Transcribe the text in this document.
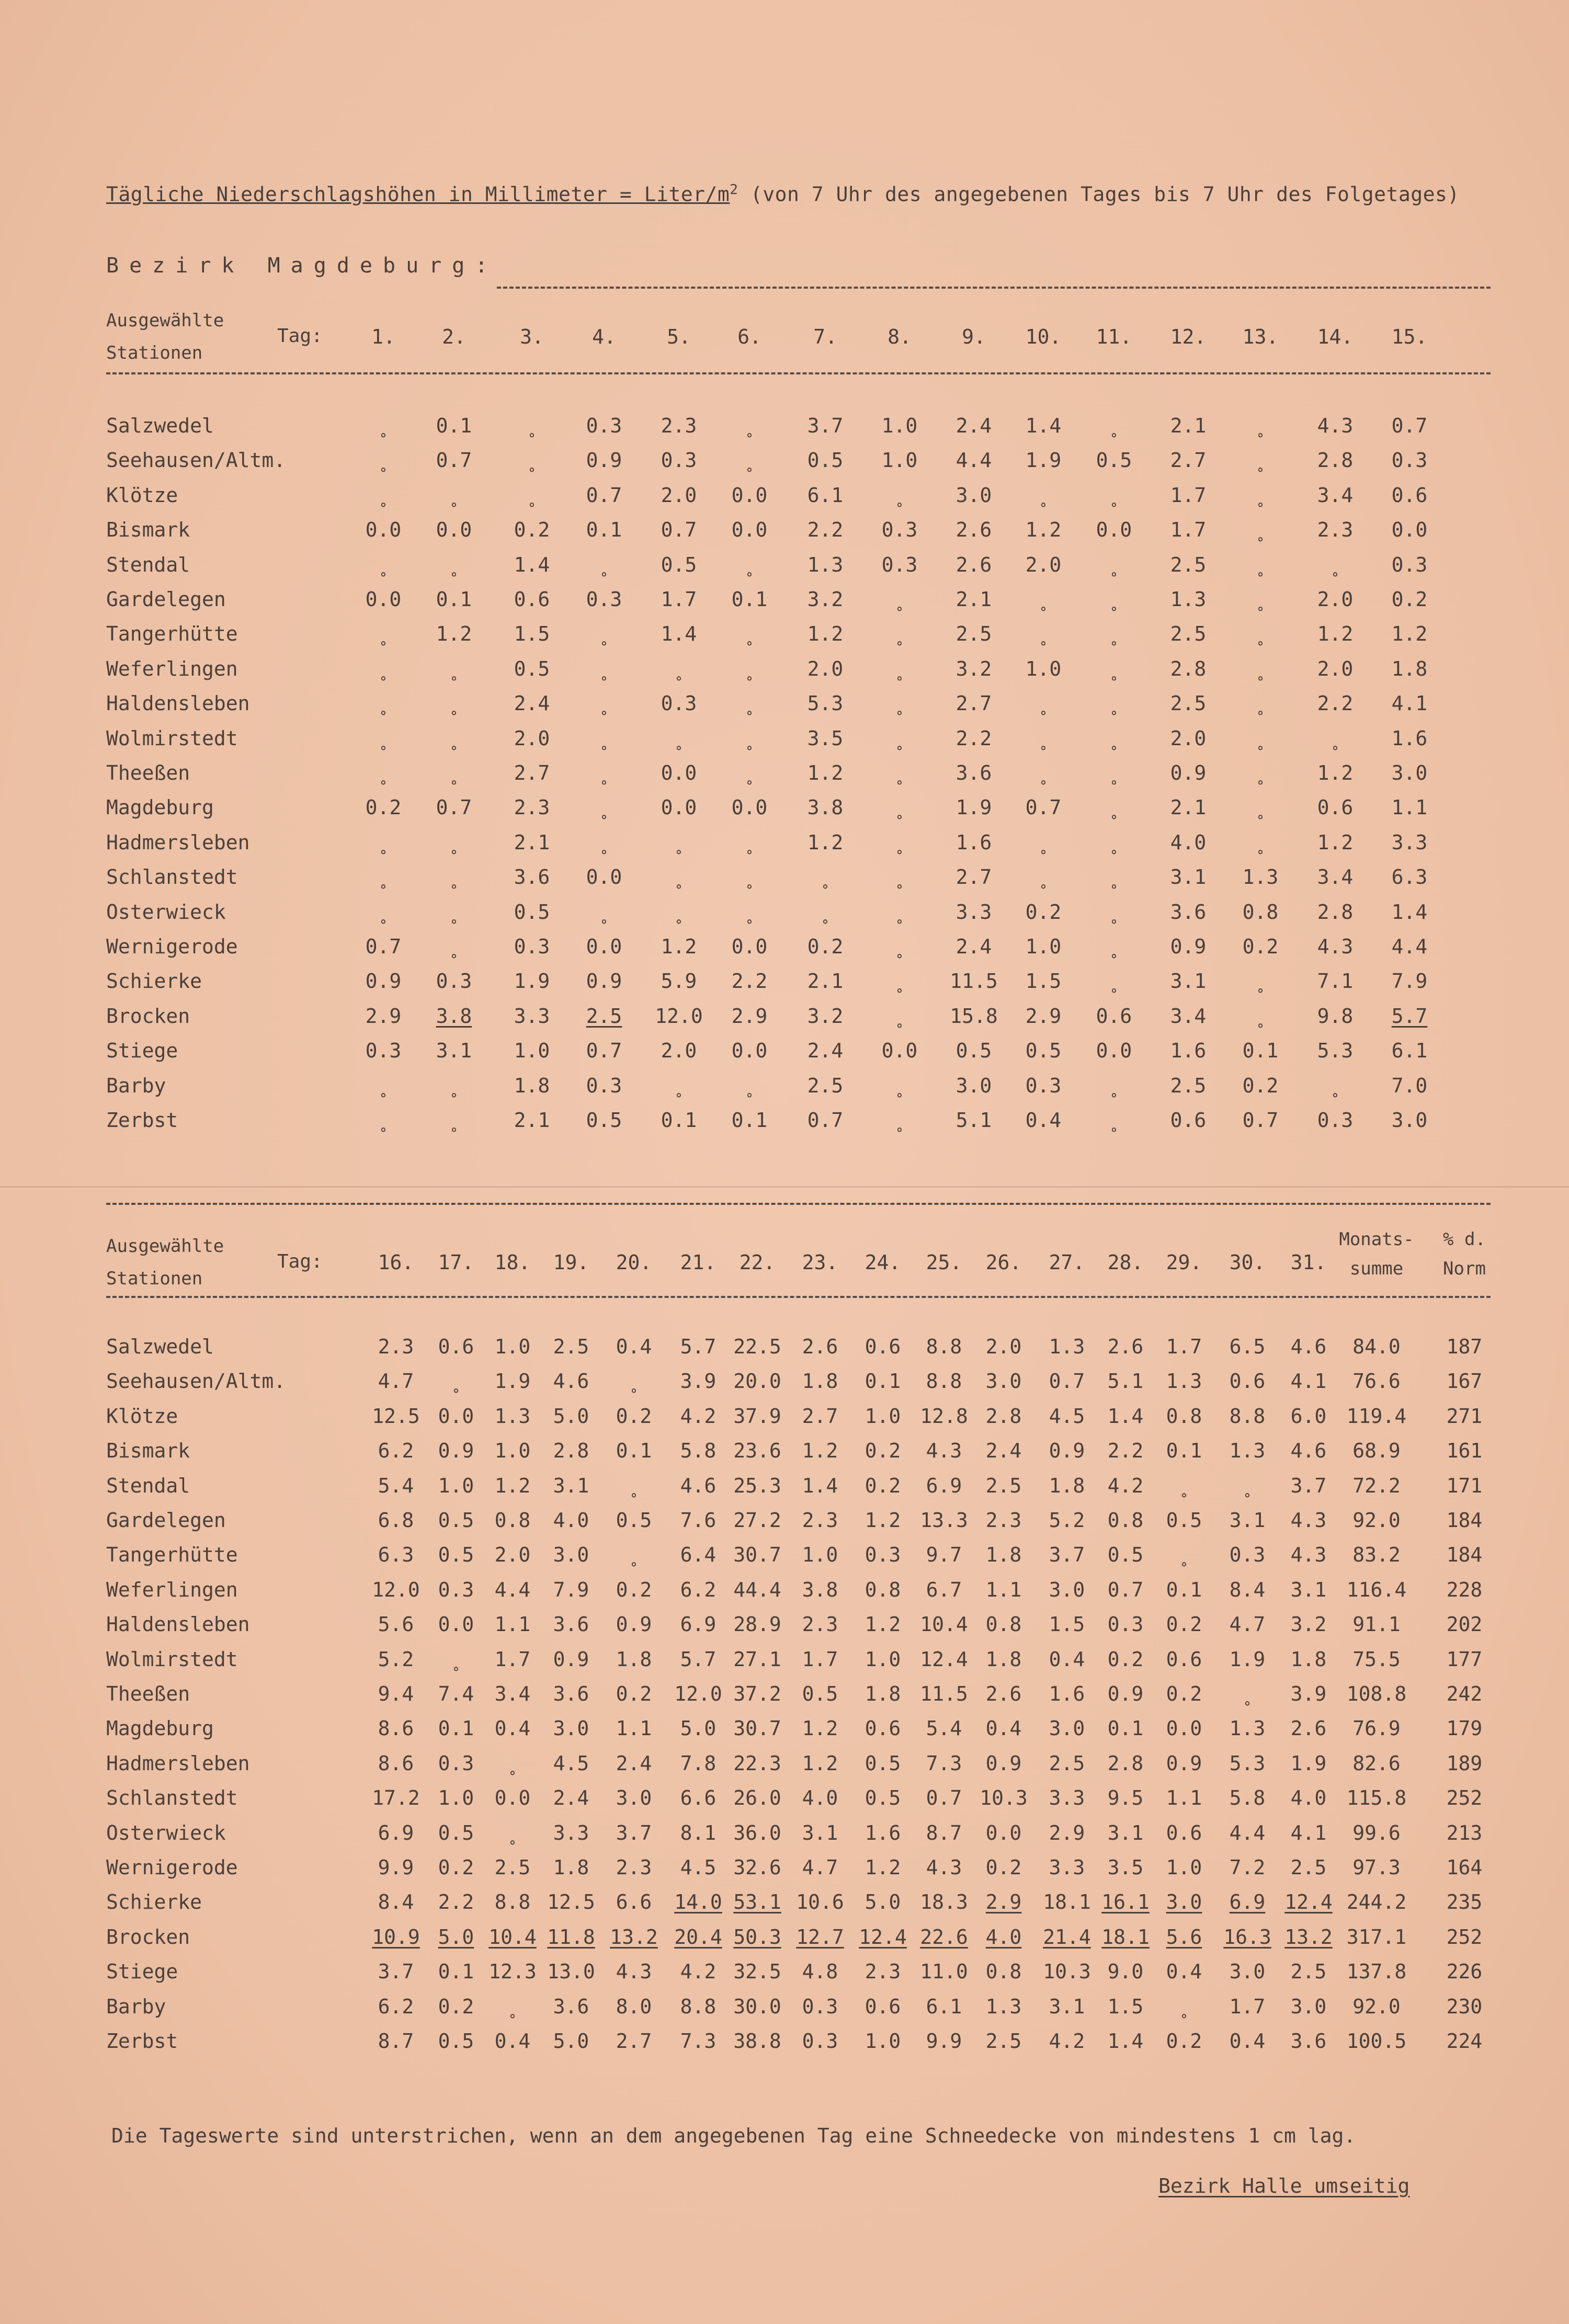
Tägliche Niederschlagshöhen in Millimeter = Liter/$m^2$ (von 7 Uhr des angegebenen Tages bis 7 Uhr des Folgetages)
Bezirk Magdeburg:
Ausgewählte
Stationen
Tag: 1. 2.	3. 4.	5. 6.	7.	8.	9. 10. 11. 12. 13. 14. 15.
Salzwedel	˳ 0.1	˳ 0.3 2.3 ˳	3.7 1.0 2.4 1.4 ˳	2.1 ˳	4.3 0.7
Seehausen/Altm.	˳ 0.7	˳ 0.9 0.3 ˳	0.5 1.0 4.4 1.9 0.5 2.7 ˳	2.8 0.3
Klötze	˳	˳	˳ 0.7 2.0 0.0 6.1	˳	3.0 ˳	˳	1.7 ˳	3.4 0.6
Bismark	0.0 0.0 0.2 0.1 0.7 0.0 2.2 0.3 2.6 1.2 0.0 1.7 ˳	2.3 0.0
Stendal	˳	˳	1.4 ˳	0.5 ˳	1.3 0.3 2.6 2.0 ˳	2.5 ˳	˳	0.3
Gardelegen	0.0 0.1 0.6 0.3 1.7 0.1 3.2	˳	2.1 ˳	˳	1.3 ˳	2.0 0.2
Tangerhütte	˳ 1.2 1.5 ˳	1.4 ˳	1.2	˳	2.5 ˳	˳	2.5 ˳	1.2 1.2
Weferlingen	˳	˳	0.5 ˳	˳	˳	2.0	˳	3.2 1.0 ˳	2.8 ˳	2.0 1.8
Haldensleben	˳	˳	2.4 ˳	0.3 ˳	5.3	˳	2.7 ˳	˳	2.5 ˳	2.2 4.1
Wolmirstedt	˳	˳	2.0 ˳	˳	˳	3.5	˳	2.2 ˳	˳	2.0 ˳	˳	1.6
Theeßen	˳	˳	2.7 ˳	0.0 ˳	1.2	˳	3.6 ˳	˳	0.9 ˳	1.2 3.0
Magdeburg	0.2 0.7 2.3 ˳	0.0 0.0 3.8	˳	1.9 0.7 ˳	2.1 ˳	0.6 1.1
Hadmersleben	˳	˳	2.1 ˳	˳	˳	1.2	˳	1.6 ˳	˳	4.0 ˳	1.2 3.3
Schlanstedt	˳	˳	3.6 0.0	˳	˳	˳	˳	2.7 ˳	˳	3.1 1.3 3.4 6.3
Osterwieck	˳	˳	0.5 ˳	˳	˳	˳	˳	3.3 0.2 ˳	3.6 0.8 2.8 1.4
Wernigerode	0.7 ˳	0.3 0.0 1.2 0.0 0.2	˳	2.4 1.0 ˳	0.9 0.2 4.3 4.4
Schierke	0.9 0.3 1.9 0.9 5.9 2.2 2.1	˳ 11.5 1.5 ˳	3.1 ˳	7.1 7.9
Brocken	2.9 3.8 3.3 2.5 12.0 2.9 3.2	˳ 15.8 2.9 0.6 3.4 ˳	9.8 5.7
Stiege	0.3 3.1 1.0 0.7 2.0 0.0 2.4 0.0 0.5 0.5 0.0 1.6 0.1 5.3 6.1
Barby	˳	˳	1.8 0.3	˳	˳	2.5	˳	3.0 0.3 ˳	2.5 0.2	˳	7.0
Zerbst	˳	˳	2.1 0.5 0.1 0.1 0.7	˳	5.1 0.4 ˳	0.6 0.7 0.3 3.0
Ausgewählte
Stationen
Tag:	16. 17. 18. 19. 20. 21. 22. 23. 24. 25. 26. 27. 28. 29. 30. 31.
Monats-
summe
% d.
Norm
Salzwedel	2.3 0.6 1.0 2.5 0.4 5.7 22.5 2.6 0.6 8.8 2.0 1.3 2.6 1.7 6.5 4.6 84.0 187
Seehausen/Altm.	4.7 ˳ 1.9 4.6 ˳ 3.9 20.0 1.8 0.1 8.8 3.0 0.7 5.1 1.3 0.6 4.1 76.6 167
Klötze	12.5 0.0 1.3 5.0 0.2 4.2 37.9 2.7 1.0 12.8 2.8 4.5 1.4 0.8 8.8 6.0 119.4 271
Bismark	6.2 0.9 1.0 2.8 0.1 5.8 23.6 1.2 0.2 4.3 2.4 0.9 2.2 0.1 1.3 4.6 68.9 161
Stendal	5.4 1.0 1.2 3.1 ˳ 4.6 25.3 1.4 0.2 6.9 2.5 1.8 4.2 ˳	˳ 3.7 72.2 171
Gardelegen	6.8 0.5 0.8 4.0 0.5 7.6 27.2 2.3 1.2 13.3 2.3 5.2 0.8 0.5 3.1 4.3 92.0 184
Tangerhütte	6.3 0.5 2.0 3.0 ˳ 6.4 30.7 1.0 0.3 9.7 1.8 3.7 0.5 ˳ 0.3 4.3 83.2 184
Weferlingen	12.0 0.3 4.4 7.9 0.2 6.2 44.4 3.8 0.8 6.7 1.1 3.0 0.7 0.1 8.4 3.1 116.4 228
Haldensleben	5.6 0.0 1.1 3.6 0.9 6.9 28.9 2.3 1.2 10.4 0.8 1.5 0.3 0.2 4.7 3.2 91.1 202
Wolmirstedt	5.2 ˳ 1.7 0.9 1.8 5.7 27.1 1.7 1.0 12.4 1.8 0.4 0.2 0.6 1.9 1.8 75.5 177
Theeßen	9.4 7.4 3.4 3.6 0.2 12.0 37.2 0.5 1.8 11.5 2.6 1.6 0.9 0.2 ˳ 3.9 108.8 242
Magdeburg	8.6 0.1 0.4 3.0 1.1 5.0 30.7 1.2 0.6 5.4 0.4 3.0 0.1 0.0 1.3 2.6 76.9 179
Hadmersleben	8.6 0.3 ˳ 4.5 2.4 7.8 22.3 1.2 0.5 7.3 0.9 2.5 2.8 0.9 5.3 1.9 82.6 189
Schlanstedt	17.2 1.0 0.0 2.4 3.0 6.6 26.0 4.0 0.5 0.7 10.3 3.3 9.5 1.1 5.8 4.0 115.8 252
Osterwieck	6.9 0.5 ˳ 3.3 3.7 8.1 36.0 3.1 1.6 8.7 0.0 2.9 3.1 0.6 4.4 4.1 99.6 213
Wernigerode	9.9 0.2 2.5 1.8 2.3 4.5 32.6 4.7 1.2 4.3 0.2 3.3 3.5 1.0 7.2 2.5 97.3 164
Schierke	8.4 2.2 8.8 12.5 6.6 14.0 53.1 10.6 5.0 18.3 2.9 18.1 16.1 3.0 6.9 12.4 244.2 235
Brocken	10.9 5.0 10.4 11.8 13.2 20.4 50.3 12.7 12.4 22.6 4.0 21.4 18.1 5.6 16.3 13.2 317.1 252
Stiege	3.7 0.1 12.3 13.0 4.3 4.2 32.5 4.8 2.3 11.0 0.8 10.3 9.0 0.4 3.0 2.5 137.8 226
Barby	6.2 0.2 ˳ 3.6 8.0 8.8 30.0 0.3 0.6 6.1 1.3 3.1 1.5 ˳ 1.7 3.0 92.0 230
Zerbst	8.7 0.5 0.4 5.0 2.7 7.3 38.8 0.3 1.0 9.9 2.5 4.2 1.4 0.2 0.4 3.6 100.5 224
Die Tageswerte sind unterstrichen, wenn an dem angegebenen Tag eine Schneedecke von mindestens 1 cm lag.
Bezirk Halle umseitig
